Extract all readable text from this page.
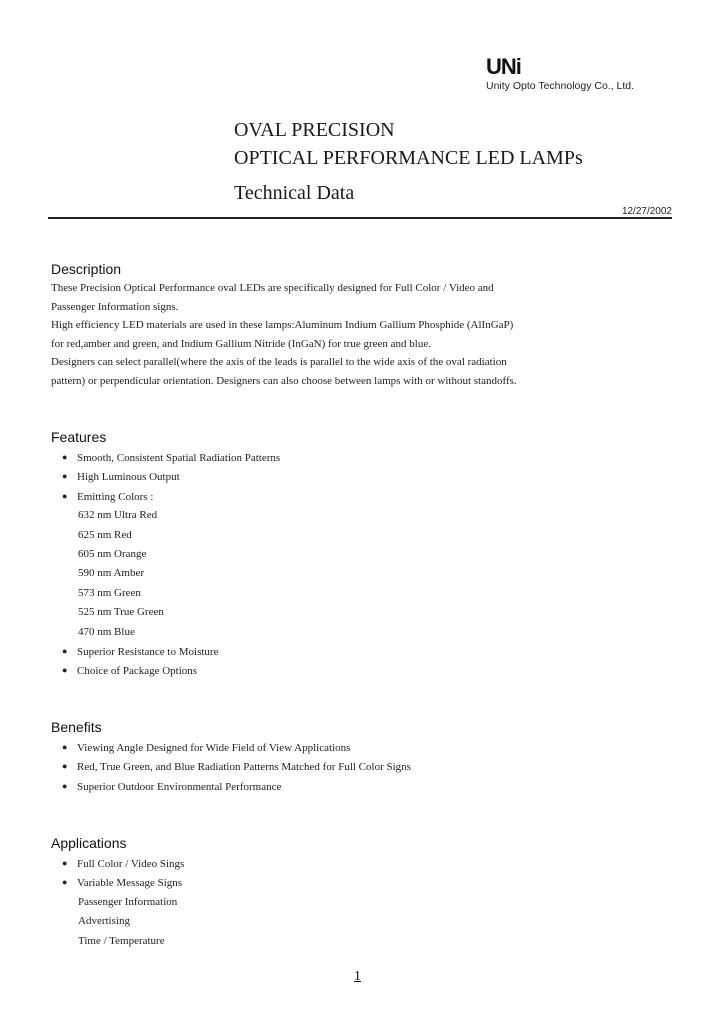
UNi
Unity Opto Technology Co., Ltd.
OVAL PRECISION
OPTICAL PERFORMANCE LED LAMPs
Technical Data
12/27/2002
Description
These Precision Optical Performance oval LEDs are specifically designed for Full Color / Video and
Passenger Information signs.
High efficiency LED materials are used in these lamps:Aluminum Indium Gallium Phosphide (AlInGaP)
for red,amber and green, and Indium Gallium Nitride (InGaN) for true green and blue.
Designers can select parallel(where the axis of the leads is parallel to the wide axis of the oval radiation
pattern) or perpendicular orientation. Designers can also choose between lamps with or without standoffs.
Features
● Smooth, Consistent Spatial Radiation Patterns
● High Luminous Output
● Emitting Colors :
632 nm Ultra Red
625 nm Red
605 nm Orange
590 nm Amber
573 nm Green
525 nm True Green
470 nm Blue
● Superior Resistance to Moisture
● Choice of Package Options
Benefits
● Viewing Angle Designed for Wide Field of View Applications
● Red, True Green, and Blue Radiation Patterns Matched for Full Color Signs
● Superior Outdoor Environmental Performance
Applications
● Full Color / Video Sings
● Variable Message Signs
Passenger Information
Advertising
Time / Temperature
1
